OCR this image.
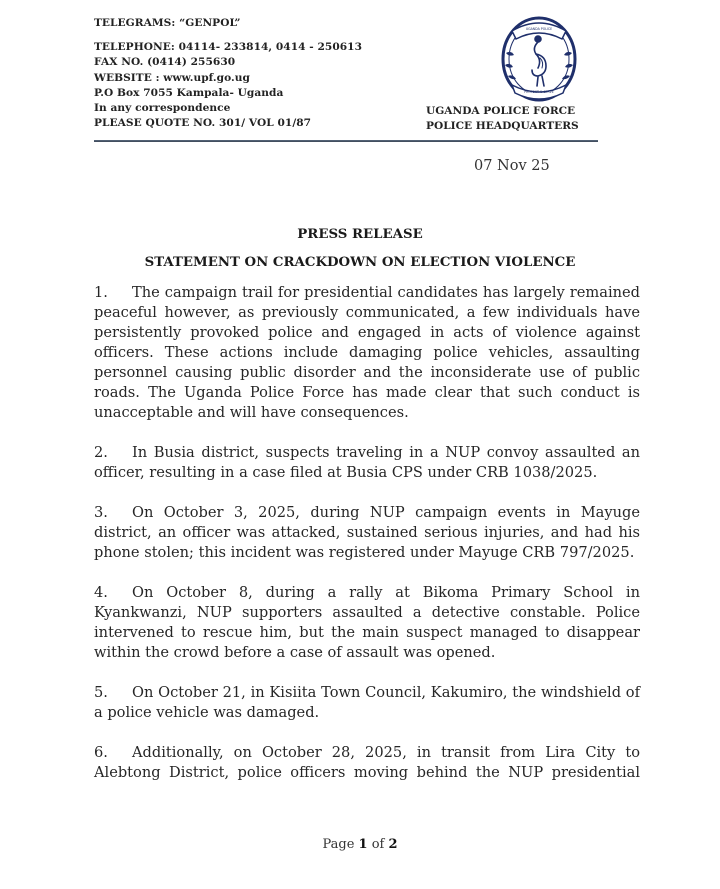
TELEGRAMS: “GENPOL”
TELEPHONE: 04114- 233814, 0414 - 250613
FAX NO. (0414) 255630
WEBSITE : www.upf.go.ug
P.O Box 7055 Kampala- Uganda
In any correspondence
PLEASE QUOTE NO. 301/ VOL 01/87
UGANDA POLICE
PROTECT & SERVE
UGANDA POLICE FORCE
POLICE HEADQUARTERS
07 Nov 25
PRESS RELEASE
STATEMENT ON CRACKDOWN ON ELECTION VIOLENCE

1. The campaign trail for presidential candidates has largely remained peaceful however, as previously communicated, a few individuals have persistently provoked police and engaged in acts of violence against officers. These actions include damaging police vehicles, assaulting personnel causing public disorder and the inconsiderate use of public roads. The Uganda Police Force has made clear that such conduct is unacceptable and will have consequences.

2. In Busia district, suspects traveling in a NUP convoy assaulted an officer, resulting in a case filed at Busia CPS under CRB 1038/2025.

3. On October 3, 2025, during NUP campaign events in Mayuge district, an officer was attacked, sustained serious injuries, and had his phone stolen; this incident was registered under Mayuge CRB 797/2025.

4. On October 8, during a rally at Bikoma Primary School in Kyankwanzi, NUP supporters assaulted a detective constable. Police intervened to rescue him, but the main suspect managed to disappear within the crowd before a case of assault was opened.

5. On October 21, in Kisiita Town Council, Kakumiro, the windshield of a police vehicle was damaged.

6. Additionally, on October 28, 2025, in transit from Lira City to Alebtong District, police officers moving behind the NUP presidential

Page 1 of 2
